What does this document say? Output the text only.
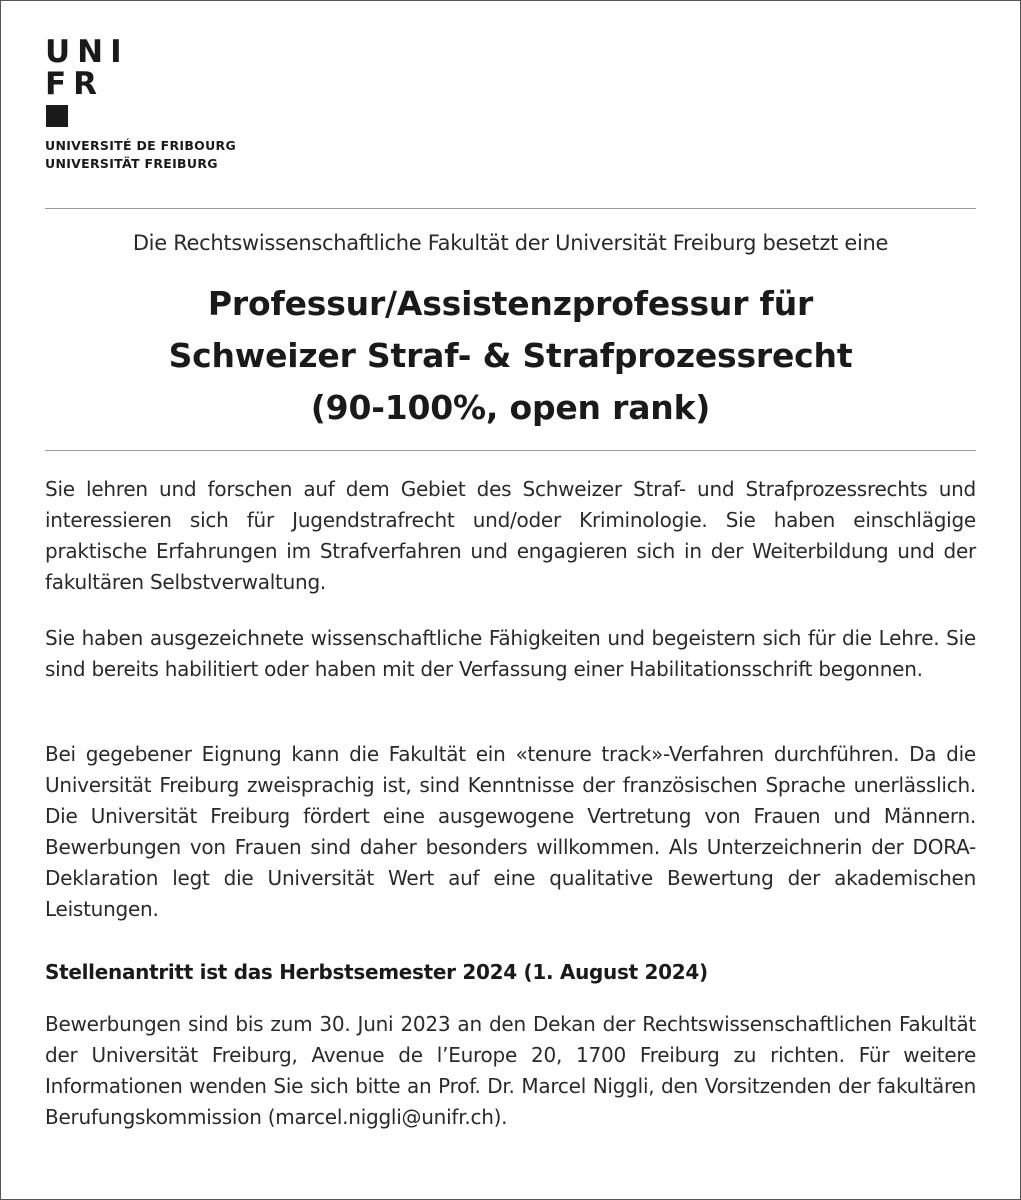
UNI
FR
UNIVERSITÉ DE FRIBOURG
UNIVERSITÄT FREIBURG
Die Rechtswissenschaftliche Fakultät der Universität Freiburg besetzt eine
Professur/Assistenzprofessur für
Schweizer Straf- & Strafprozessrecht
(90-100%, open rank)

Sie lehren und forschen auf dem Gebiet des Schweizer Straf- und Strafprozessrechts und interessieren sich für Jugendstrafrecht und/oder Kriminologie. Sie haben einschlägige praktische Erfahrungen im Strafverfahren und engagieren sich in der Weiterbildung und der fakultären Selbstverwaltung.

Sie haben ausgezeichnete wissenschaftliche Fähigkeiten und begeistern sich für die Lehre. Sie sind bereits habilitiert oder haben mit der Verfassung einer Habilitationsschrift begonnen.

Bei gegebener Eignung kann die Fakultät ein «tenure track»-Verfahren durchführen. Da die Universität Freiburg zweisprachig ist, sind Kenntnisse der französischen Sprache unerlässlich. Die Universität Freiburg fördert eine ausgewogene Vertretung von Frauen und Männern. Bewerbungen von Frauen sind daher besonders willkommen. Als Unterzeichnerin der DORA-Deklaration legt die Universität Wert auf eine qualitative Bewertung der akademischen Leistungen.

Stellenantritt ist das Herbstsemester 2024 (1. August 2024)

Bewerbungen sind bis zum 30. Juni 2023 an den Dekan der Rechtswissenschaftlichen Fakultät der Universität Freiburg, Avenue de l’Europe 20, 1700 Freiburg zu richten. Für weitere Informationen wenden Sie sich bitte an Prof. Dr. Marcel Niggli, den Vorsitzenden der fakultären Berufungskommission (marcel.niggli@unifr.ch).
